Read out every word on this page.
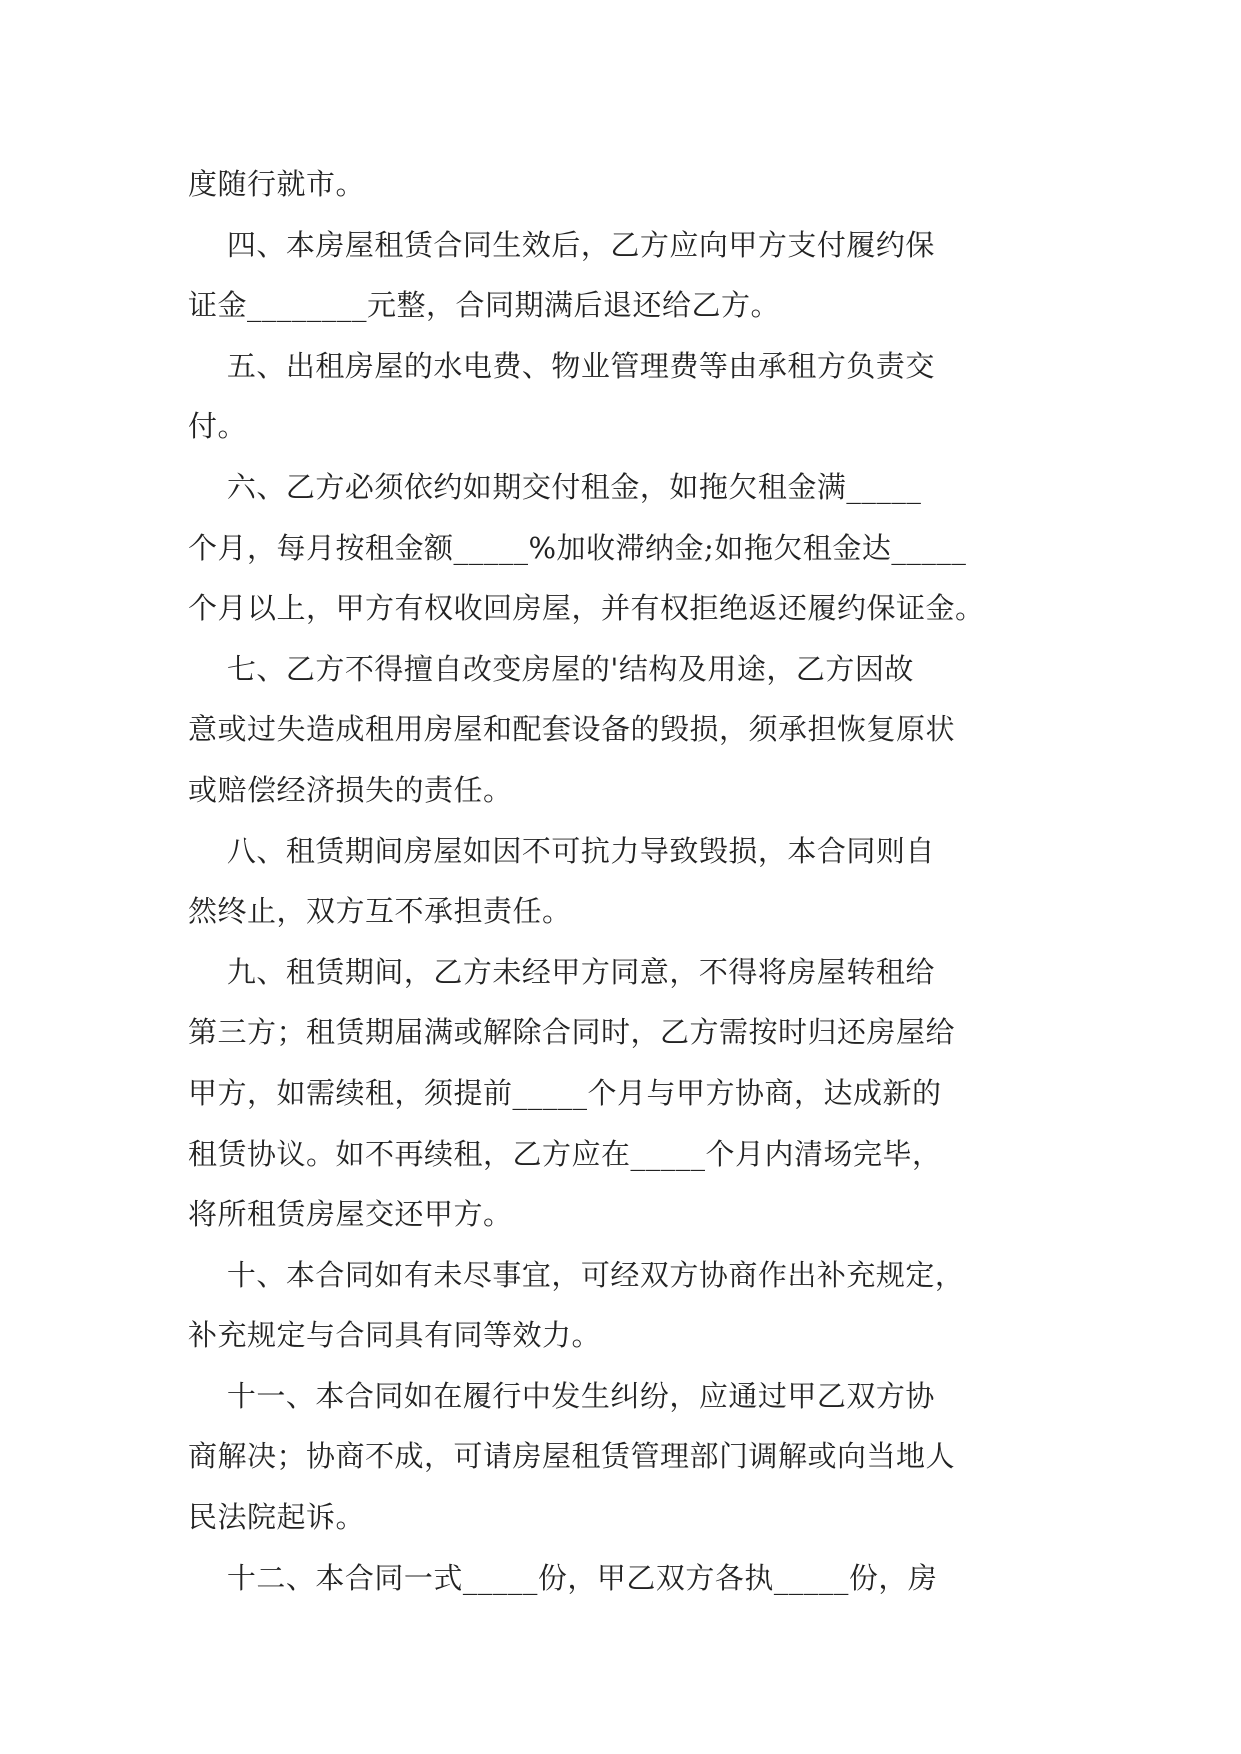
度随行就市。
四、本房屋租赁合同生效后，乙方应向甲方支付履约保
证金________元整，合同期满后退还给乙方。
五、出租房屋的水电费、物业管理费等由承租方负责交
付。
六、乙方必须依约如期交付租金，如拖欠租金满_____
个月，每月按租金额_____%加收滞纳金;如拖欠租金达_____
个月以上，甲方有权收回房屋，并有权拒绝返还履约保证金。
七、乙方不得擅自改变房屋的'结构及用途，乙方因故
意或过失造成租用房屋和配套设备的毁损，须承担恢复原状
或赔偿经济损失的责任。
八、租赁期间房屋如因不可抗力导致毁损，本合同则自
然终止，双方互不承担责任。
九、租赁期间，乙方未经甲方同意，不得将房屋转租给
第三方；租赁期届满或解除合同时，乙方需按时归还房屋给
甲方，如需续租，须提前_____个月与甲方协商，达成新的
租赁协议。如不再续租，乙方应在_____个月内清场完毕，
将所租赁房屋交还甲方。
十、本合同如有未尽事宜，可经双方协商作出补充规定，
补充规定与合同具有同等效力。
十一、本合同如在履行中发生纠纷，应通过甲乙双方协
商解决；协商不成，可请房屋租赁管理部门调解或向当地人
民法院起诉。
十二、本合同一式_____份，甲乙双方各执_____份，房
